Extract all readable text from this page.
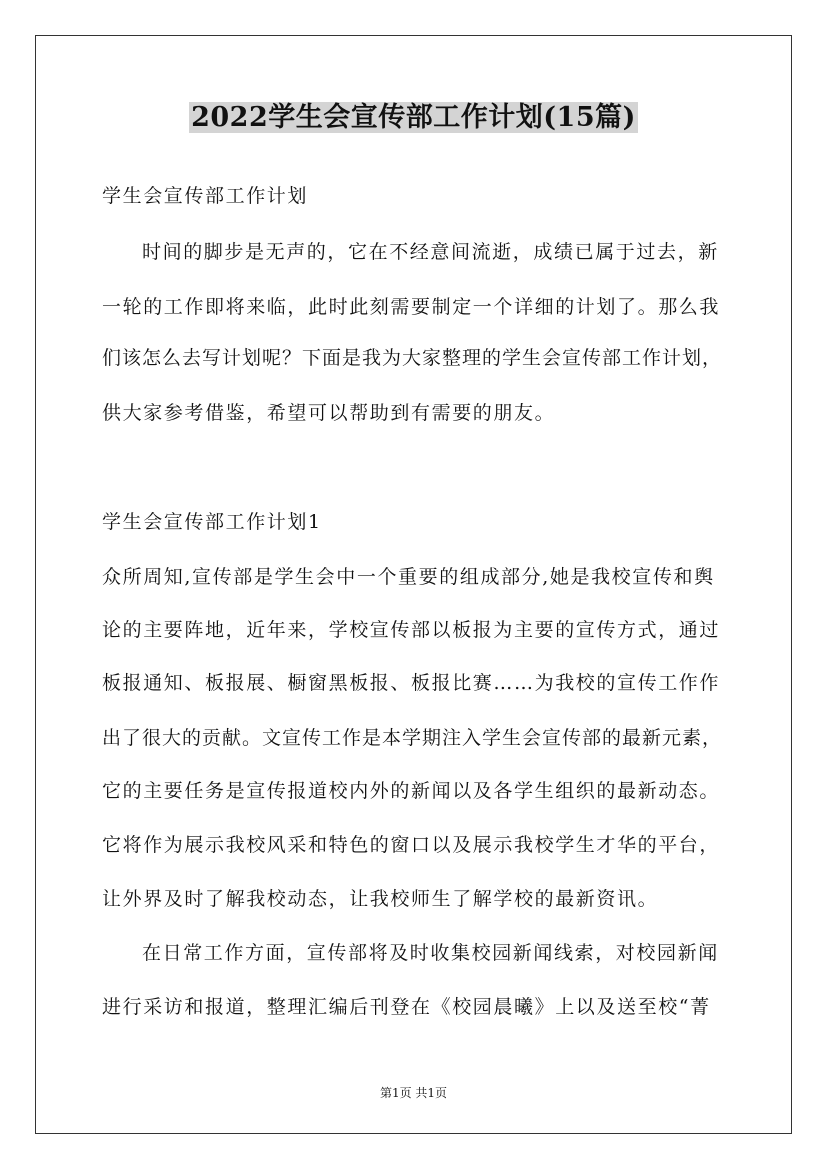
2022学生会宣传部工作计划(15篇)
学生会宣传部工作计划
时间的脚步是无声的，它在不经意间流逝，成绩已属于过去，新
一轮的工作即将来临，此时此刻需要制定一个详细的计划了。那么我
们该怎么去写计划呢？下面是我为大家整理的学生会宣传部工作计划，
供大家参考借鉴，希望可以帮助到有需要的朋友。
学生会宣传部工作计划1
众所周知,宣传部是学生会中一个重要的组成部分,她是我校宣传和舆
论的主要阵地，近年来，学校宣传部以板报为主要的宣传方式，通过
板报通知、板报展、橱窗黑板报、板报比赛……为我校的宣传工作作
出了很大的贡献。文宣传工作是本学期注入学生会宣传部的最新元素，
它的主要任务是宣传报道校内外的新闻以及各学生组织的最新动态。
它将作为展示我校风采和特色的窗口以及展示我校学生才华的平台，
让外界及时了解我校动态，让我校师生了解学校的最新资讯。
在日常工作方面，宣传部将及时收集校园新闻线索，对校园新闻
进行采访和报道，整理汇编后刊登在《校园晨曦》上以及送至校“菁
第1页 共1页
